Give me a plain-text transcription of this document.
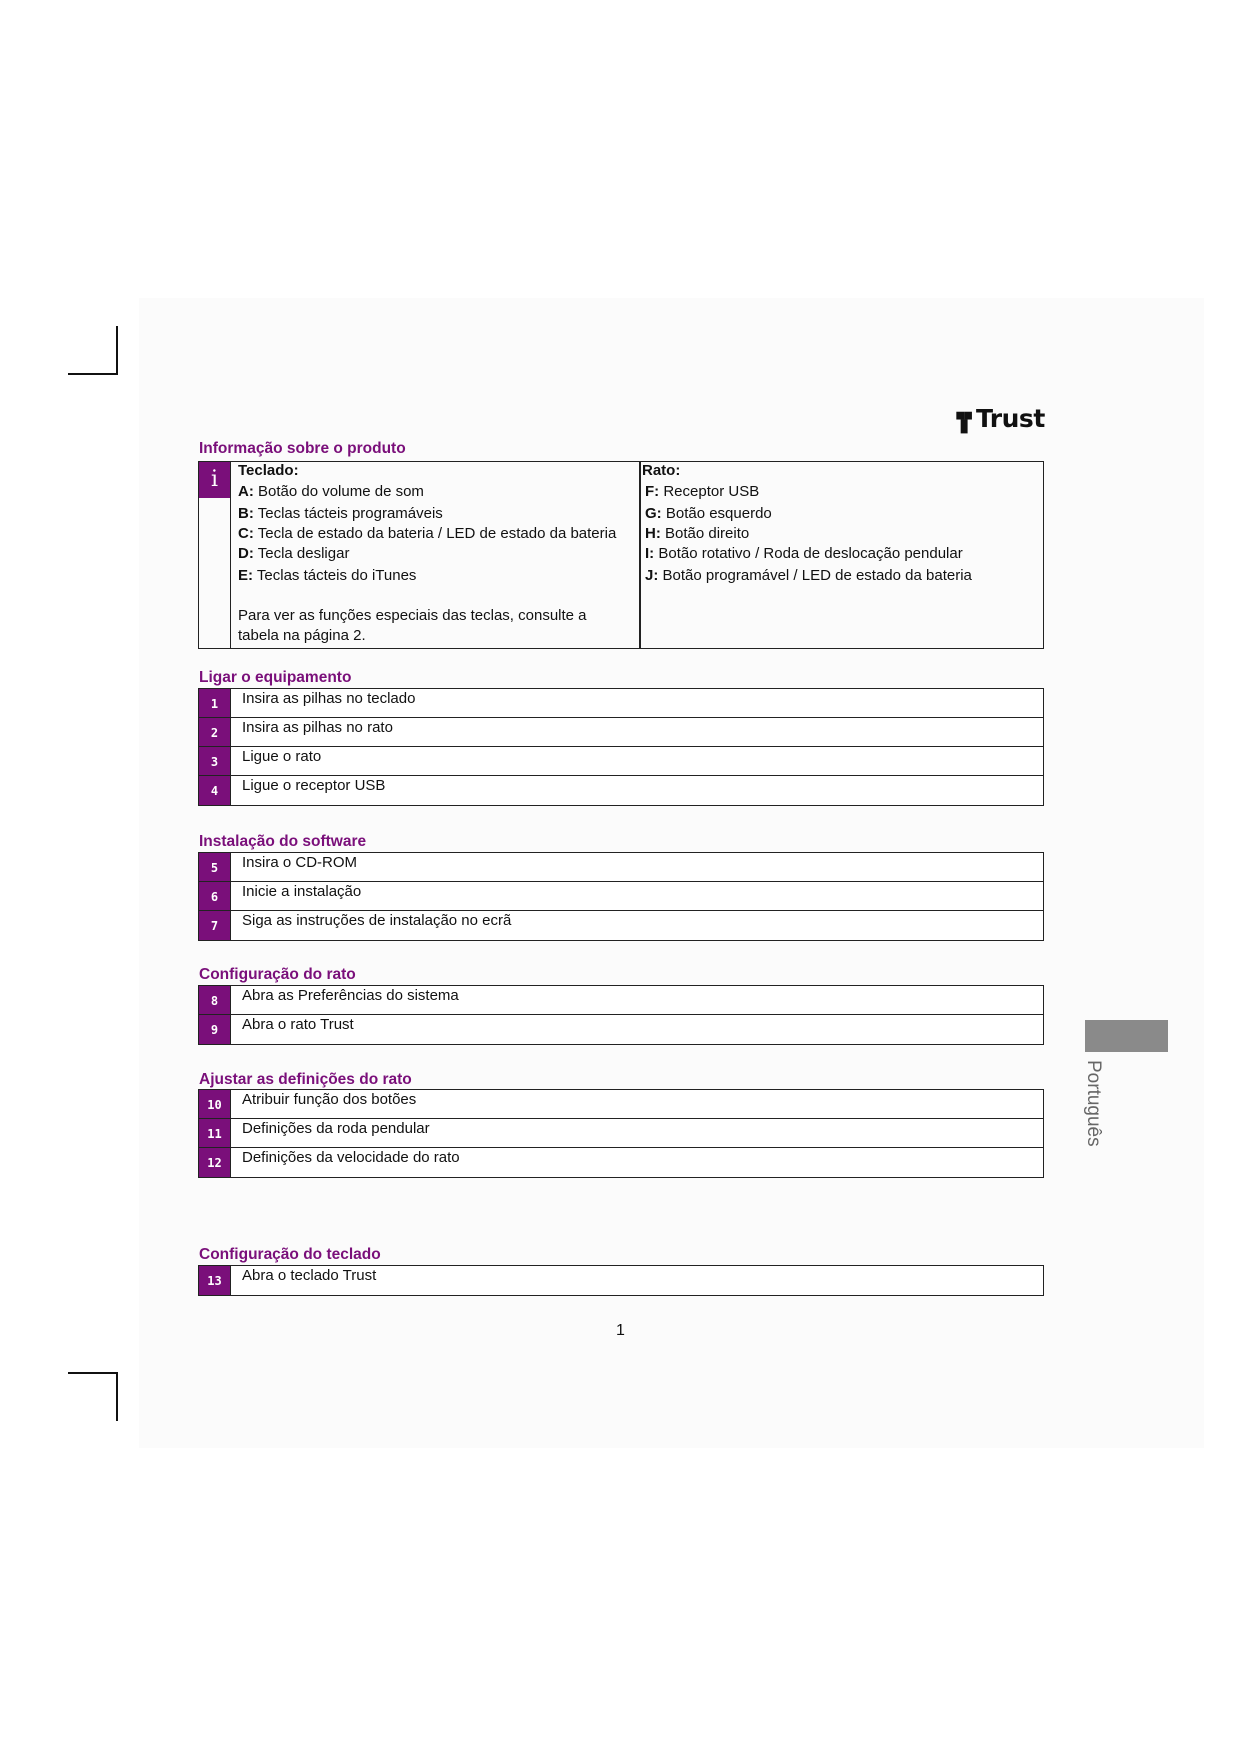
Trust
Informação sobre o produto
i	Teclado:
A: Botão do volume de som
B: Teclas tácteis programáveis
C: Tecla de estado da bateria / LED de estado da bateria
D: Tecla desligar
E: Teclas tácteis do iTunes
Para ver as funções especiais das teclas, consulte a
tabela na página 2.
Rato:
F: Receptor USB
G: Botão esquerdo
H: Botão direito
I: Botão rotativo / Roda de deslocação pendular
J: Botão programável / LED de estado da bateria
Ligar o equipamento
1	Insira as pilhas no teclado
2	Insira as pilhas no rato
3	Ligue o rato
4	Ligue o receptor USB
Instalação do software
5	Insira o CD-ROM
6	Inicie a instalação
7	Siga as instruções de instalação no ecrã
Configuração do rato
8	Abra as Preferências do sistema
9	Abra o rato Trust
Ajustar as definições do rato
10	Atribuir função dos botões
11	Definições da roda pendular
12	Definições da velocidade do rato
Configuração do teclado
13	Abra o teclado Trust
Português
1
